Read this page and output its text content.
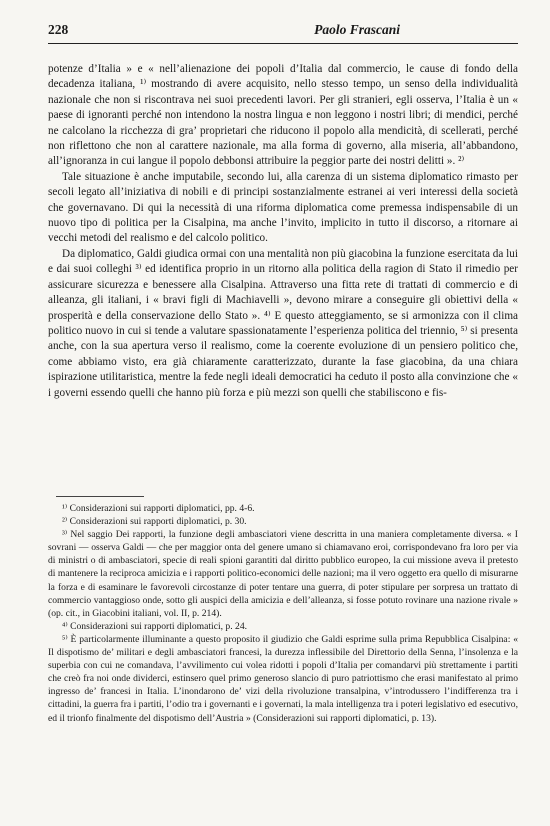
228	Paolo Frascani

potenze d’Italia » e « nell’alienazione dei popoli d’Italia dal commercio, le cause di fondo della decadenza italiana, ¹⁾ mostrando di avere acquisito, nello stesso tempo, un senso della individualità nazionale che non si riscontrava nei suoi precedenti lavori. Per gli stranieri, egli osserva, l’Italia è un « paese di ignoranti perché non intendono la nostra lingua e non leggono i nostri libri; di mendici, perché ne calcolano la ricchezza di gra’ proprietari che riducono il popolo alla mendicità, di scellerati, perché non riflettono che non al carattere nazionale, ma alla forma di governo, alla miseria, all’abbandono, all’ignoranza in cui langue il popolo debbonsi attribuire la peggior parte dei nostri delitti ». ²⁾

Tale situazione è anche imputabile, secondo lui, alla carenza di un sistema diplomatico rimasto per secoli legato all’iniziativa di nobili e di principi sostanzialmente estranei ai veri interessi della società che governavano. Di qui la necessità di una riforma diplomatica come premessa indispensabile di un nuovo tipo di politica per la Cisalpina, ma anche l’invito, implicito in tutto il discorso, a ritornare ai vecchi metodi del realismo e del calcolo politico.

Da diplomatico, Galdi giudica ormai con una mentalità non più giacobina la funzione esercitata da lui e dai suoi colleghi ³⁾ ed identifica proprio in un ritorno alla politica della ragion di Stato il rimedio per assicurare sicurezza e benessere alla Cisalpina. Attraverso una fitta rete di trattati di commercio e di alleanza, gli italiani, i « bravi figli di Machiavelli », devono mirare a conseguire gli obiettivi della « prosperità e della conservazione dello Stato ». ⁴⁾ E questo atteggiamento, se si armonizza con il clima politico nuovo in cui si tende a valutare spassionatamente l’esperienza politica del triennio, ⁵⁾ si presenta anche, con la sua apertura verso il realismo, come la coerente evoluzione di un pensiero politico che, come abbiamo visto, era già chiaramente caratterizzato, durante la fase giacobina, da una chiara ispirazione utilitaristica, mentre la fede negli ideali democratici ha ceduto il posto alla convinzione che « i governi essendo quelli che hanno più forza e più mezzi son quelli che stabiliscono e fis-

¹⁾ Considerazioni sui rapporti diplomatici, pp. 4-6.

²⁾ Considerazioni sui rapporti diplomatici, p. 30.

³⁾ Nel saggio Dei rapporti, la funzione degli ambasciatori viene descritta in una maniera completamente diversa. « I sovrani — osserva Galdi — che per maggior onta del genere umano si chiamavano eroi, corrispondevano fra loro per via di ministri o di ambasciatori, specie di reali spioni garantiti dal diritto pubblico europeo, la cui missione aveva il pretesto di mantenere la reciproca amicizia e i rapporti politico-economici delle nazioni; ma il vero oggetto era quello di misurarne la forza e di esaminare le favorevoli circostanze di poter tentare una guerra, di poter stipulare per sorpresa un trattato di commercio vantaggioso onde, sotto gli auspici della amicizia e dell’alleanza, si fosse potuto rovinare una nazione rivale » (op. cit., in Giacobini italiani, vol. II, p. 214).

⁴⁾ Considerazioni sui rapporti diplomatici, p. 24.

⁵⁾ È particolarmente illuminante a questo proposito il giudizio che Galdi esprime sulla prima Repubblica Cisalpina: « Il dispotismo de’ militari e degli ambasciatori francesi, la durezza inflessibile del Direttorio della Senna, l’insolenza e la superbia con cui ne comandava, l’avvilimento cui volea ridotti i popoli d’Italia per comandarvi più strettamente i partiti che creò fra noi onde dividerci, estinsero quel primo generoso slancio di puro patriottismo che erasi manifestato al primo ingresso de’ francesi in Italia. L’inondarono de’ vizi della rivoluzione transalpina, v’introdussero l’indifferenza tra i cittadini, la guerra fra i partiti, l’odio tra i governanti e i governati, la mala intelligenza tra i poteri legislativo ed esecutivo, ed il trionfo finalmente del dispotismo dell’Austria » (Considerazioni sui rapporti diplomatici, p. 13).
